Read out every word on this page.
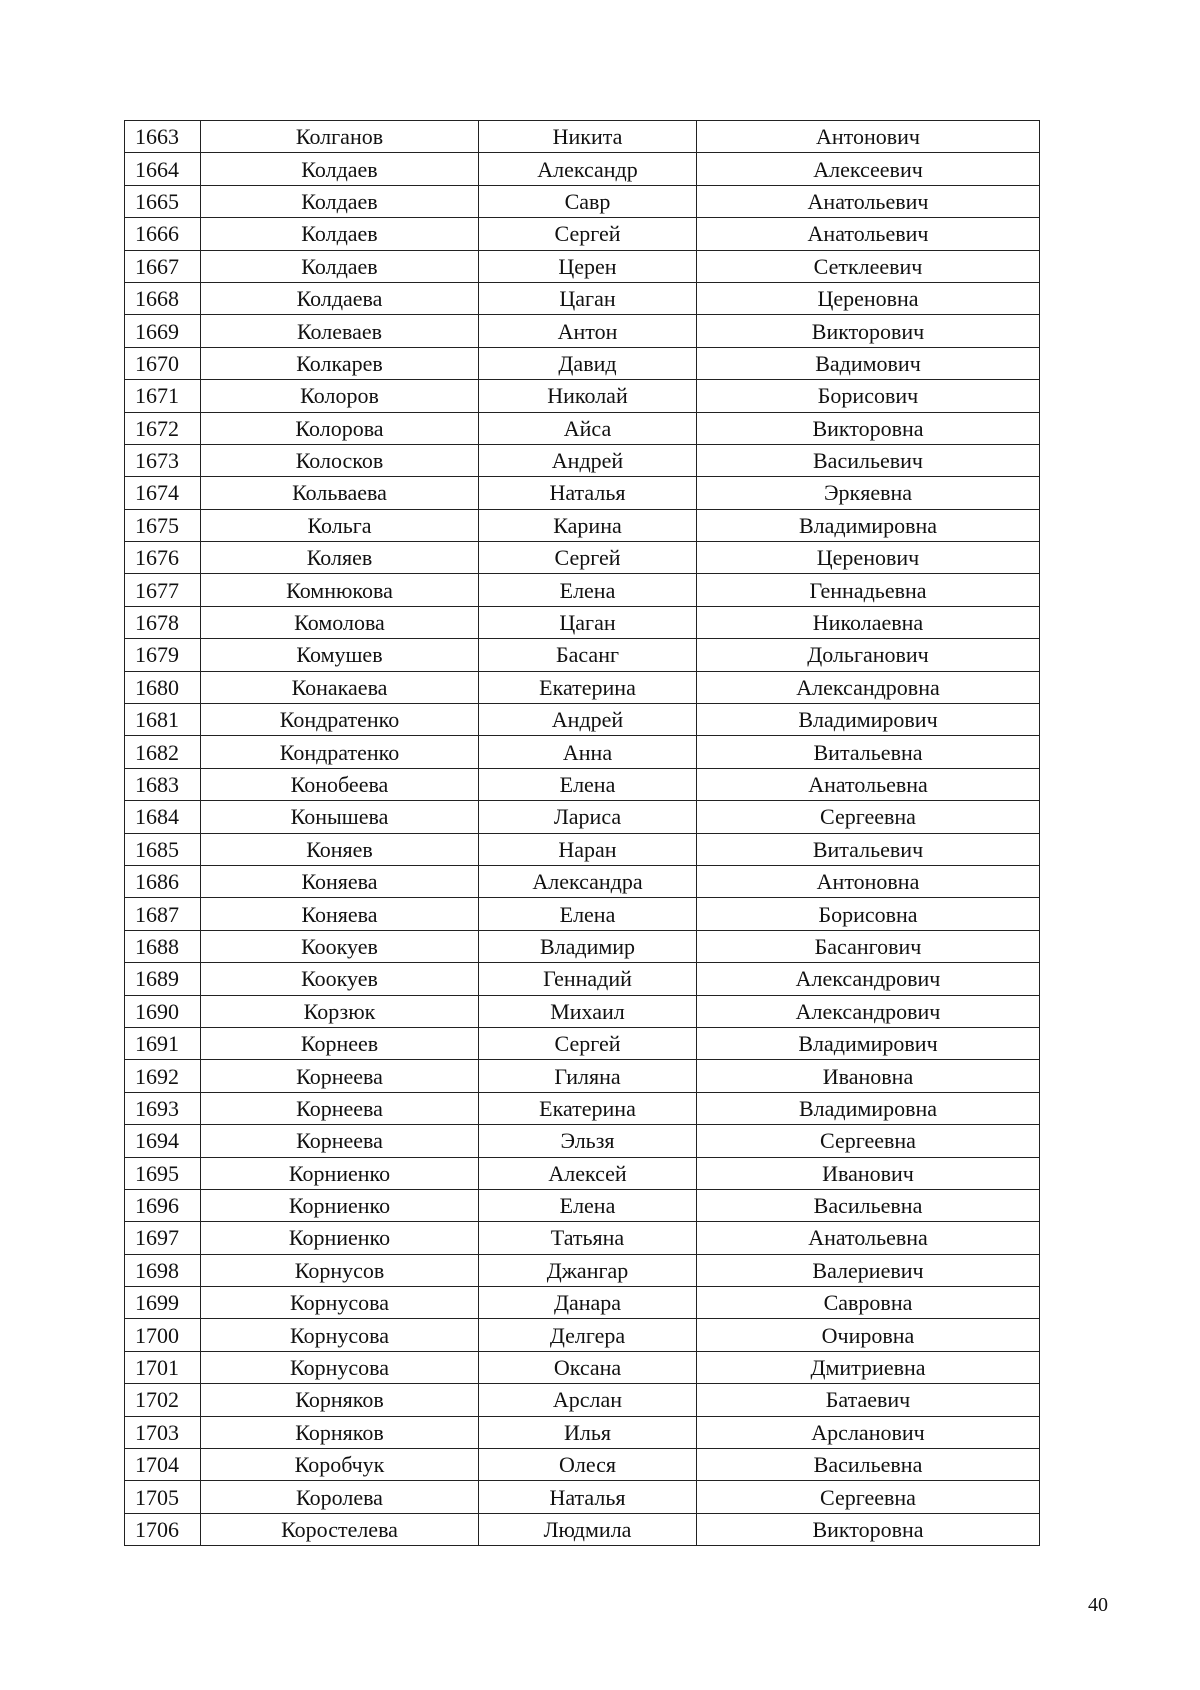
1663	Колганов	Никита	Антонович
1664	Колдаев	Александр	Алексеевич
1665	Колдаев	Савр	Анатольевич
1666	Колдаев	Сергей	Анатольевич
1667	Колдаев	Церен	Сетклеевич
1668	Колдаева	Цаган	Цереновна
1669	Колеваев	Антон	Викторович
1670	Колкарев	Давид	Вадимович
1671	Колоров	Николай	Борисович
1672	Колорова	Айса	Викторовна
1673	Колосков	Андрей	Васильевич
1674	Кольваева	Наталья	Эркяевна
1675	Кольга	Карина	Владимировна
1676	Коляев	Сергей	Церенович
1677	Комнюкова	Елена	Геннадьевна
1678	Комолова	Цаган	Николаевна
1679	Комушев	Басанг	Дольганович
1680	Конакаева	Екатерина	Александровна
1681	Кондратенко	Андрей	Владимирович
1682	Кондратенко	Анна	Витальевна
1683	Конобеева	Елена	Анатольевна
1684	Конышева	Лариса	Сергеевна
1685	Коняев	Наран	Витальевич
1686	Коняева	Александра	Антоновна
1687	Коняева	Елена	Борисовна
1688	Коокуев	Владимир	Басангович
1689	Коокуев	Геннадий	Александрович
1690	Корзюк	Михаил	Александрович
1691	Корнеев	Сергей	Владимирович
1692	Корнеева	Гиляна	Ивановна
1693	Корнеева	Екатерина	Владимировна
1694	Корнеева	Эльзя	Сергеевна
1695	Корниенко	Алексей	Иванович
1696	Корниенко	Елена	Васильевна
1697	Корниенко	Татьяна	Анатольевна
1698	Корнусов	Джангар	Валериевич
1699	Корнусова	Данара	Савровна
1700	Корнусова	Делгера	Очировна
1701	Корнусова	Оксана	Дмитриевна
1702	Корняков	Арслан	Батаевич
1703	Корняков	Илья	Арсланович
1704	Коробчук	Олеся	Васильевна
1705	Королева	Наталья	Сергеевна
1706	Коростелева	Людмила	Викторовна
40
